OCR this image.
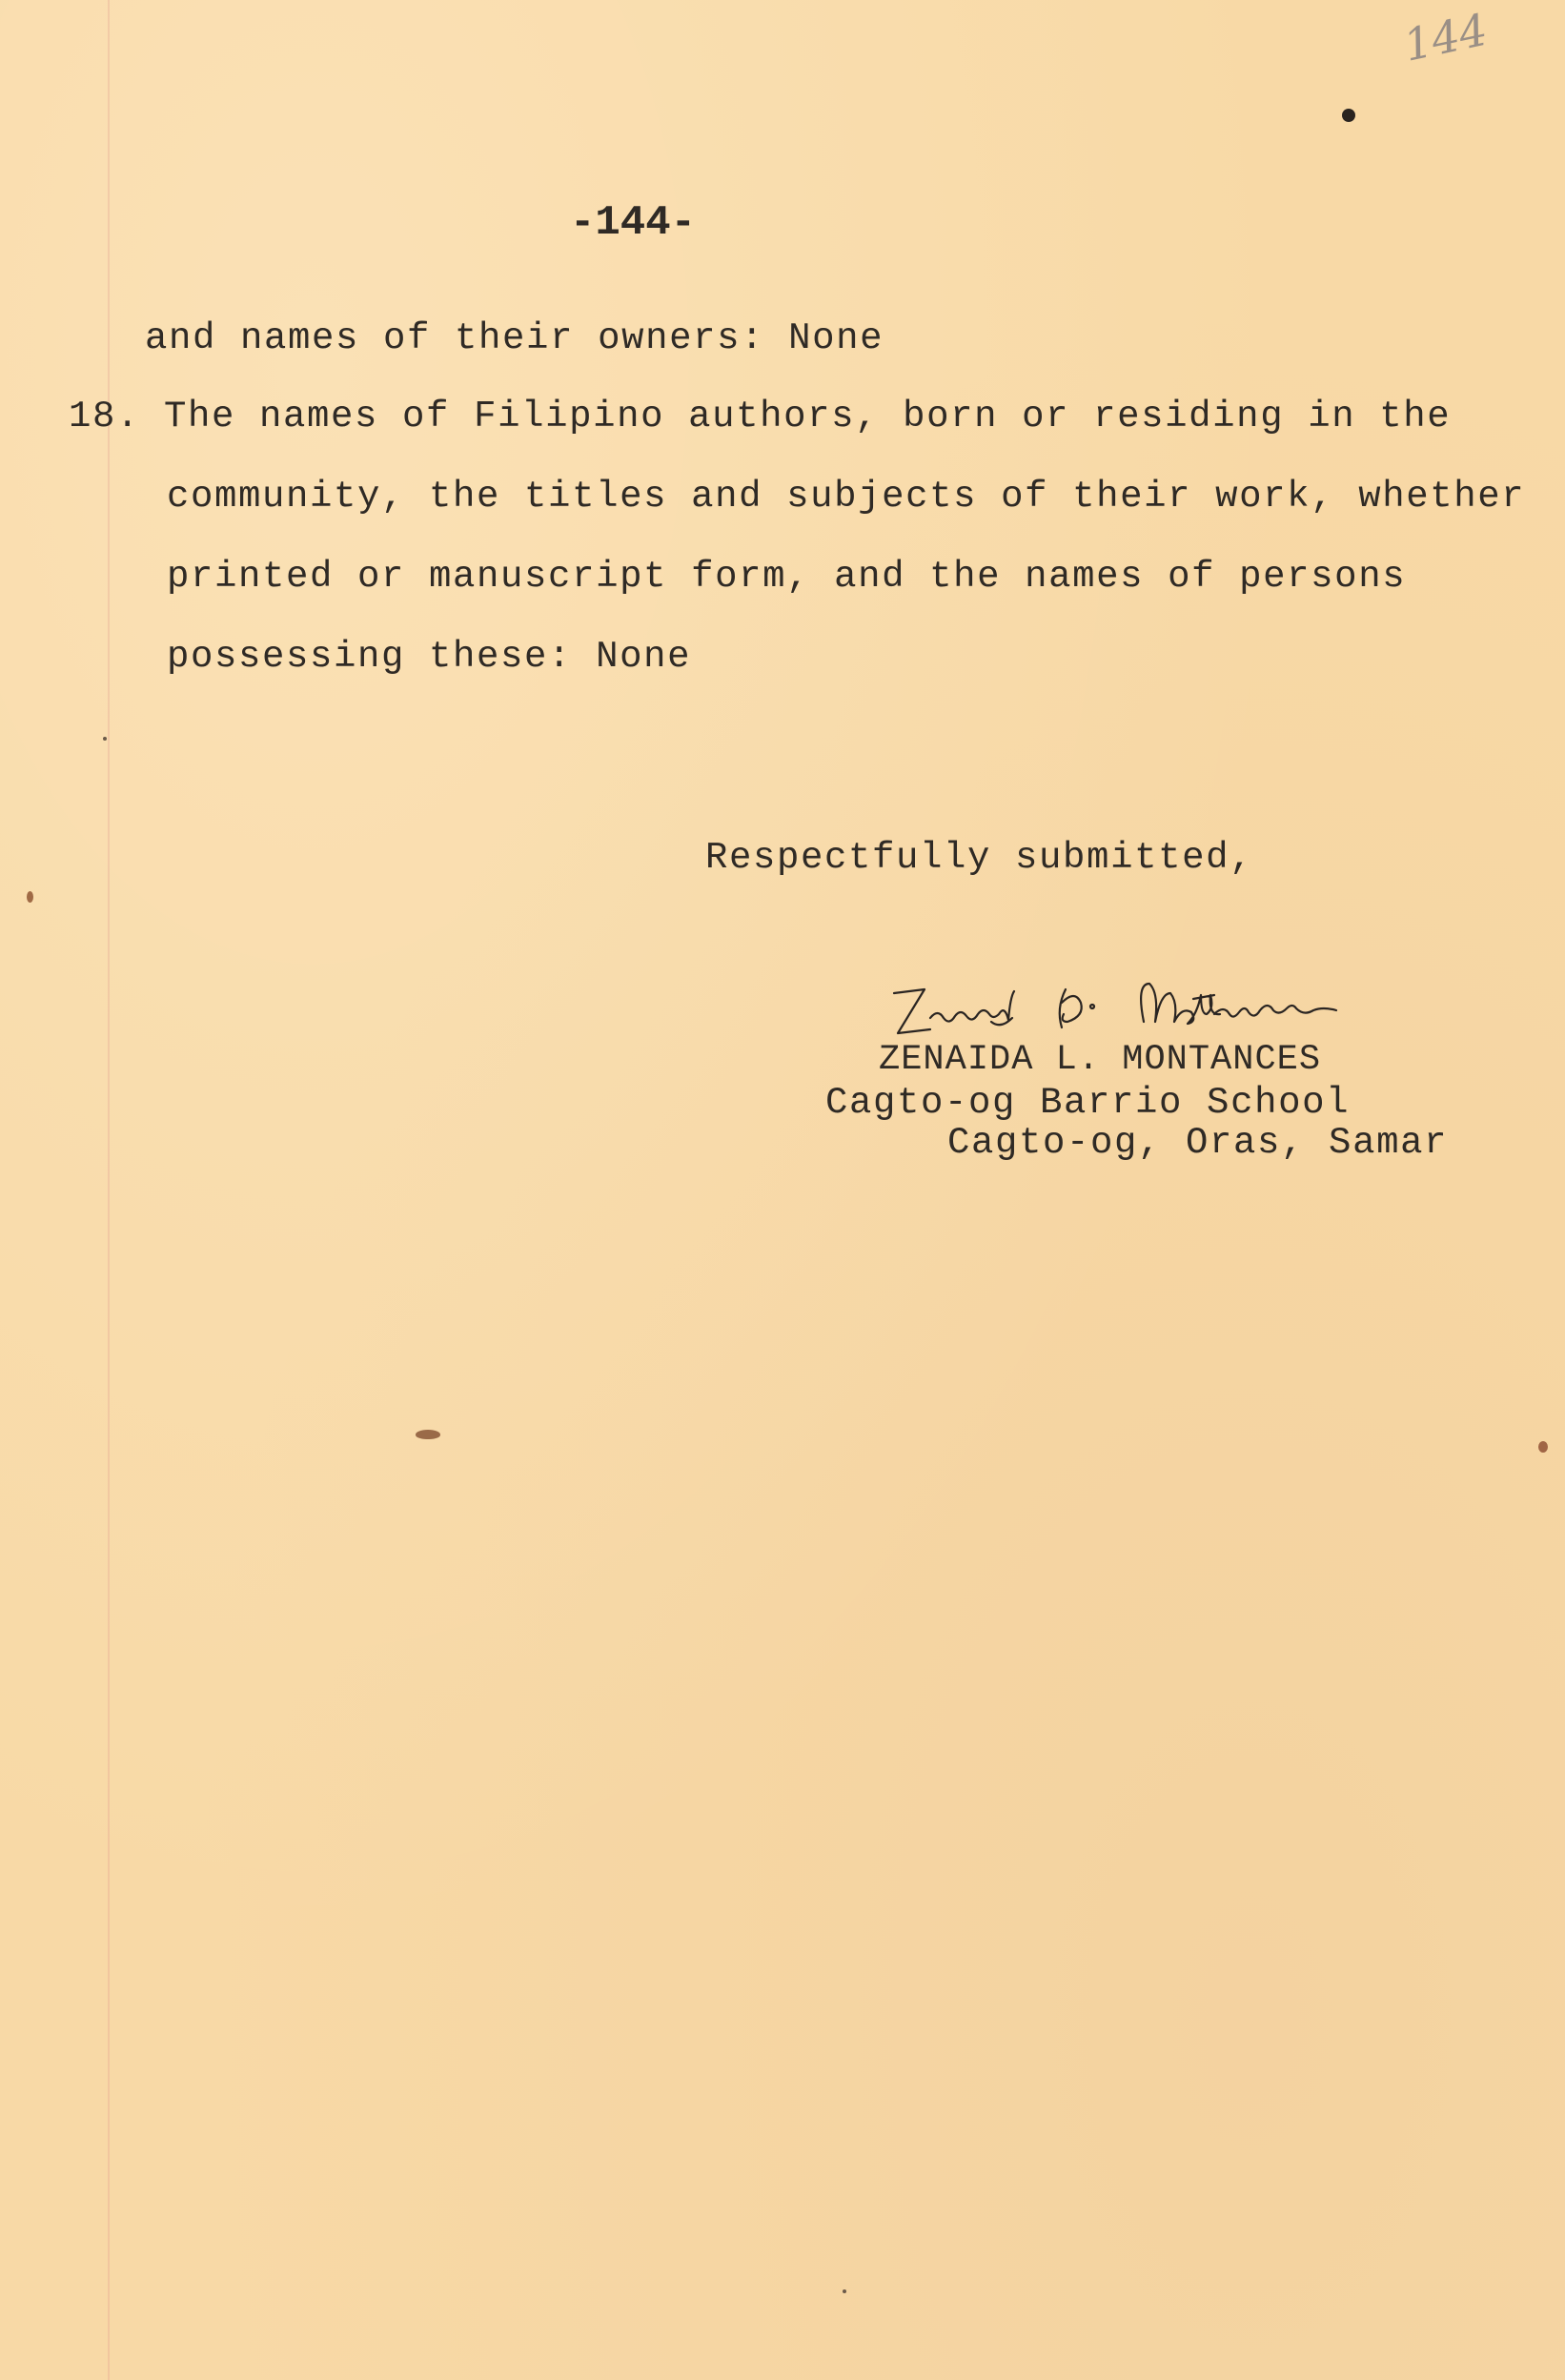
144
-144-
and names of their owners: None
18. The names of Filipino authors, born or residing in the
community, the titles and subjects of their work, whether
printed or manuscript form, and the names of persons
possessing these: None
Respectfully submitted,
ZENAIDA L. MONTANCES
Cagto-og Barrio School
Cagto-og, Oras, Samar
